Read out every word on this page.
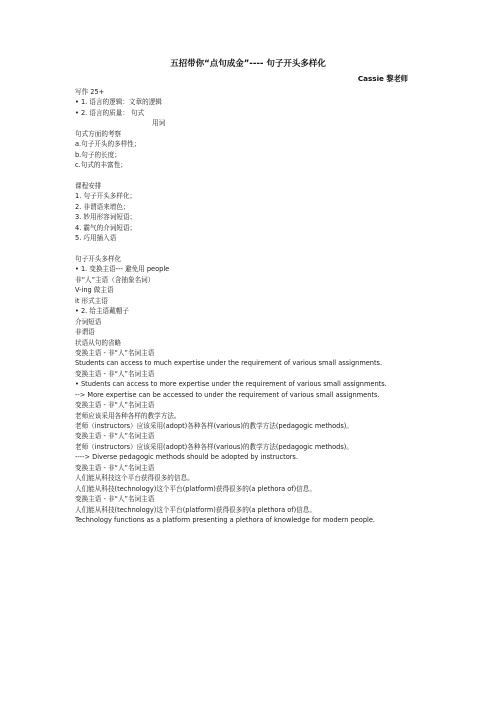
五招带你“点句成金”---- 句子开头多样化
Cassie 黎老师
写作 25+
• 1. 语言的逻辑：文章的逻辑
• 2. 语言的质量： 句式
用词
句式方面的考察
a.句子开头的多样性；
b.句子的长度；
c.句式的丰富性；
课程安排
1. 句子开头多样化；
2. 非谓语来增色；
3. 妙用形容词短语；
4. 霸气的介词短语；
5. 巧用插入语
句子开头多样化
• 1. 变换主语--- 避免用 people
非“人”主语（含抽象名词）
V-ing 做主语
it 形式主语
• 2. 给主语戴帽子
介词短语
非谓语
状语从句的省略
变换主语 - 非“人”名词主语
Students can access to much expertise under the requirement of various small assignments.
变换主语 - 非“人”名词主语
• Students can access to more expertise under the requirement of various small assignments.
--> More expertise can be accessed to under the requirement of various small assignments.
变换主语 - 非“人”名词主语
老师应该采用各种各样的教学方法。
老师（instructors）应该采用(adopt)各种各样(various)的教学方法(pedagogic methods)。
变换主语 - 非“人”名词主语
老师（instructors）应该采用(adopt)各种各样(various)的教学方法(pedagogic methods)。
----> Diverse pedagogic methods should be adopted by instructors.
变换主语 - 非“人”名词主语
人们能从科技这个平台获得很多的信息。
人们能从科技(technology)这个平台(platform)获得很多的(a plethora of)信息。
变换主语 - 非“人”名词主语
人们能从科技(technology)这个平台(platform)获得很多的(a plethora of)信息。
Technology functions as a platform presenting a plethora of knowledge for modern people.
